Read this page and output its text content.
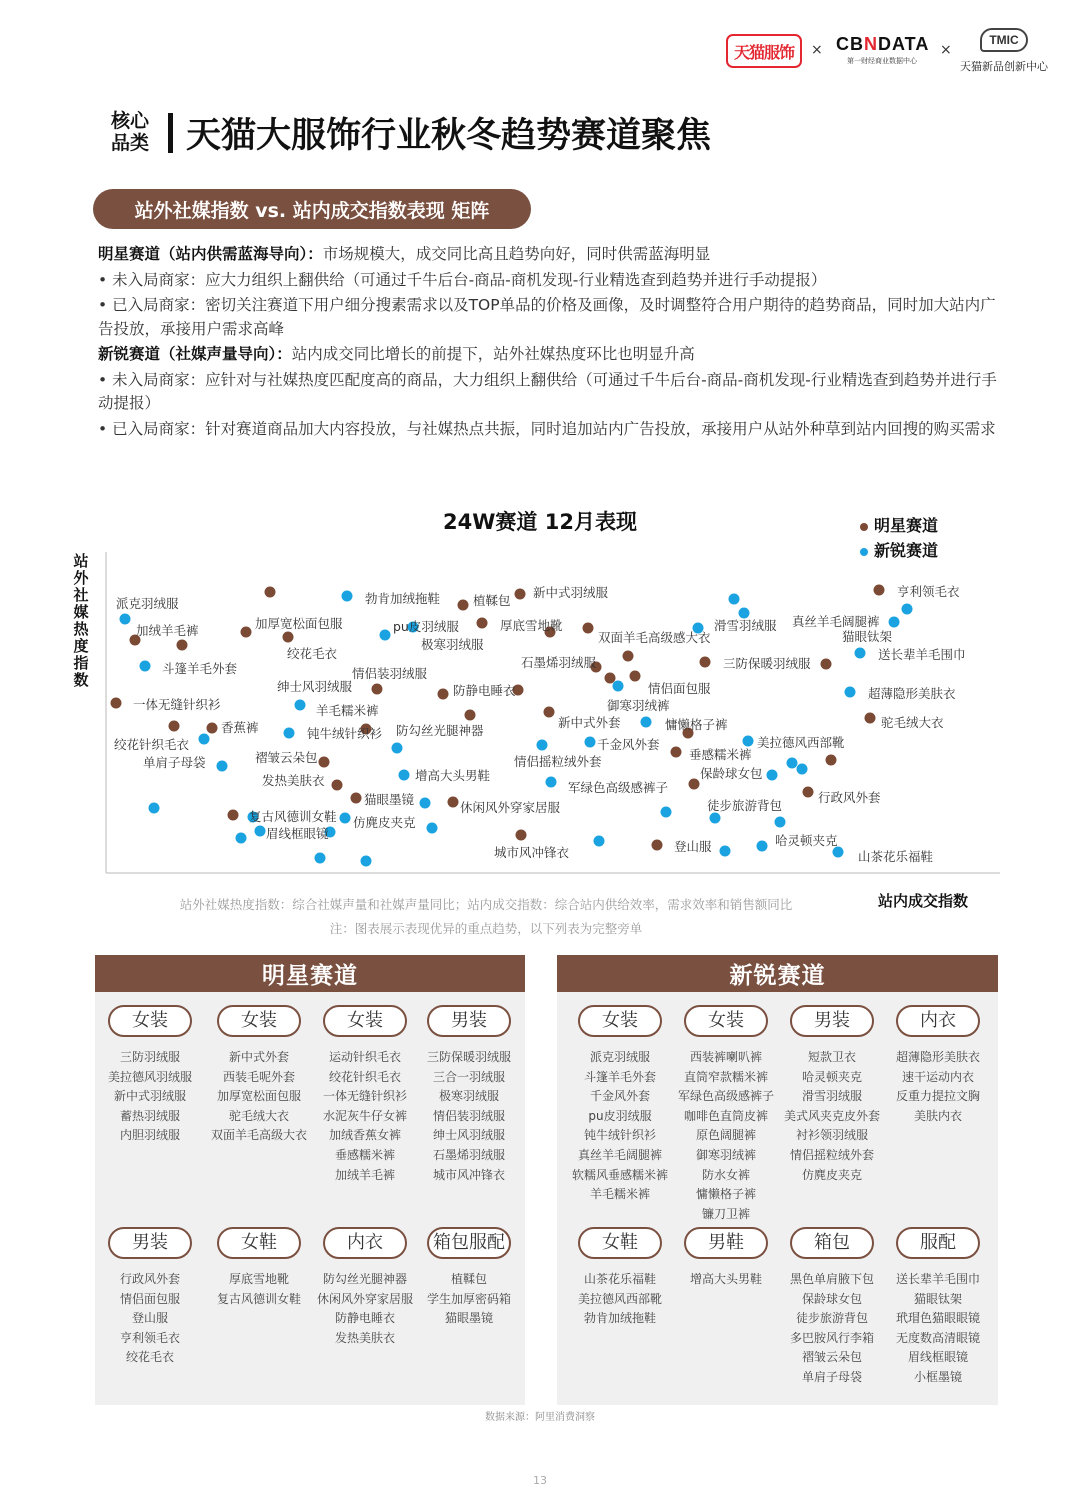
天猫服饰	× CBNDATA
第一财经商业数据中心
×
TMIC
天猫新品创新中心
核心
品类 天猫大服饰行业秋冬趋势赛道聚焦
站外社媒指数 vs. 站内成交指数表现 矩阵

明星赛道（站内供需蓝海导向）：市场规模大，成交同比高且趋势向好，同时供需蓝海明显

• 未入局商家：应大力组织上翻供给（可通过千牛后台-商品-商机发现-行业精选查到趋势并进行手动提报）

• 已入局商家：密切关注赛道下用户细分搜素需求以及TOP单品的价格及画像，及时调整符合用户期待的趋势商品，同时加大站内广告投放，承接用户需求高峰

新锐赛道（社媒声量导向）：站内成交同比增长的前提下，站外社媒热度环比也明显升高

• 未入局商家：应针对与社媒热度匹配度高的商品，大力组织上翻供给（可通过千牛后台-商品-商机发现-行业精选查到趋势并进行手动提报）

• 已入局商家：针对赛道商品加大内容投放，与社媒热点共振，同时追加站内广告投放，承接用户从站外种草到站内回搜的购买需求

24W赛道 12月表现	明星赛道
新锐赛道
站外社媒热度指数
派克羽绒服
加绒羊毛裤
斗篷羊毛外套
一体无缝针织衫
香蕉裤
绞花针织毛衣
单肩子母袋
加厚宽松面包服
绞花毛衣
勃肯加绒拖鞋	植鞣包
新中式羽绒服
pu皮羽绒服
极寒羽绒服
厚底雪地靴
双面羊毛高级感大衣
滑雪羽绒服 真丝羊毛阔腿裤
亨利领毛衣
猫眼钛架
送长辈羊毛围巾
石墨烯羽绒服	三防保暖羽绒服
情侣装羽绒服
绅士风羽绒服	防静电睡衣	情侣面包服	超薄隐形美肤衣
御寒羽绒裤
羊毛糯米裤
钝牛绒针织衫 防勾丝光腿神器
新中式外套	慵懒格子裤	驼毛绒大衣
千金风外套	美拉德风西部靴
褶皱云朵包	垂感糯米裤
情侣摇粒绒外套
保龄球女包
增高大头男鞋
发热美肤衣	军绿色高级感裤子
猫眼墨镜
休闲风外穿家居服
行政风外套
徒步旅游背包
复古风德训女鞋 仿麂皮夹克
眉线框眼镜	哈灵顿夹克
登山服
城市风冲锋衣	山茶花乐福鞋
站内成交指数
站外社媒热度指数：综合社媒声量和社媒声量同比；站内成交指数：综合站内供给效率，需求效率和销售额同比
注：图表展示表现优异的重点趋势，以下列表为完整旁单
明星赛道
女装
三防羽绒服
美拉德风羽绒服
新中式羽绒服
蓄热羽绒服
内胆羽绒服
女装
新中式外套
西装毛呢外套
加厚宽松面包服
驼毛绒大衣
双面羊毛高级大衣
女装
运动针织毛衣
绞花针织毛衣
一体无缝针织衫
水泥灰牛仔女裤
加绒香蕉女裤
垂感糯米裤
加绒羊毛裤
男装
三防保暖羽绒服
三合一羽绒服
极寒羽绒服
情侣装羽绒服
绅士风羽绒服
石墨烯羽绒服
城市风冲锋衣
男装
行政风外套
情侣面包服
登山服
亨利领毛衣
绞花毛衣
女鞋
厚底雪地靴
复古风德训女鞋
内衣
防勾丝光腿神器
休闲风外穿家居服
防静电睡衣
发热美肤衣
箱包服配
植鞣包
学生加厚密码箱
猫眼墨镜
新锐赛道
女装
派克羽绒服
斗篷羊毛外套
千金风外套
pu皮羽绒服
钝牛绒针织衫
真丝羊毛阔腿裤
软糯风垂感糯米裤
羊毛糯米裤
女装
西装裤喇叭裤
直筒窄款糯米裤
军绿色高级感裤子
咖啡色直筒皮裤
原色阔腿裤
御寒羽绒裤
防水女裤
慵懒格子裤
镰刀卫裤
男装
短款卫衣
哈灵顿夹克
滑雪羽绒服
美式风夹克皮外套
衬衫领羽绒服
情侣摇粒绒外套
仿麂皮夹克
内衣
超薄隐形美肤衣
速干运动内衣
反重力提拉文胸
美肤内衣
女鞋
山茶花乐福鞋
美拉德风西部靴
勃肯加绒拖鞋
男鞋
增高大头男鞋
箱包
黑色单肩腋下包
保龄球女包
徒步旅游背包
多巴胺风行李箱
褶皱云朵包
单肩子母袋
服配
送长辈羊毛围巾
猫眼钛架
玳瑁色猫眼眼镜
无度数高清眼镜
眉线框眼镜
小框墨镜
数据来源：阿里消费洞察
13
